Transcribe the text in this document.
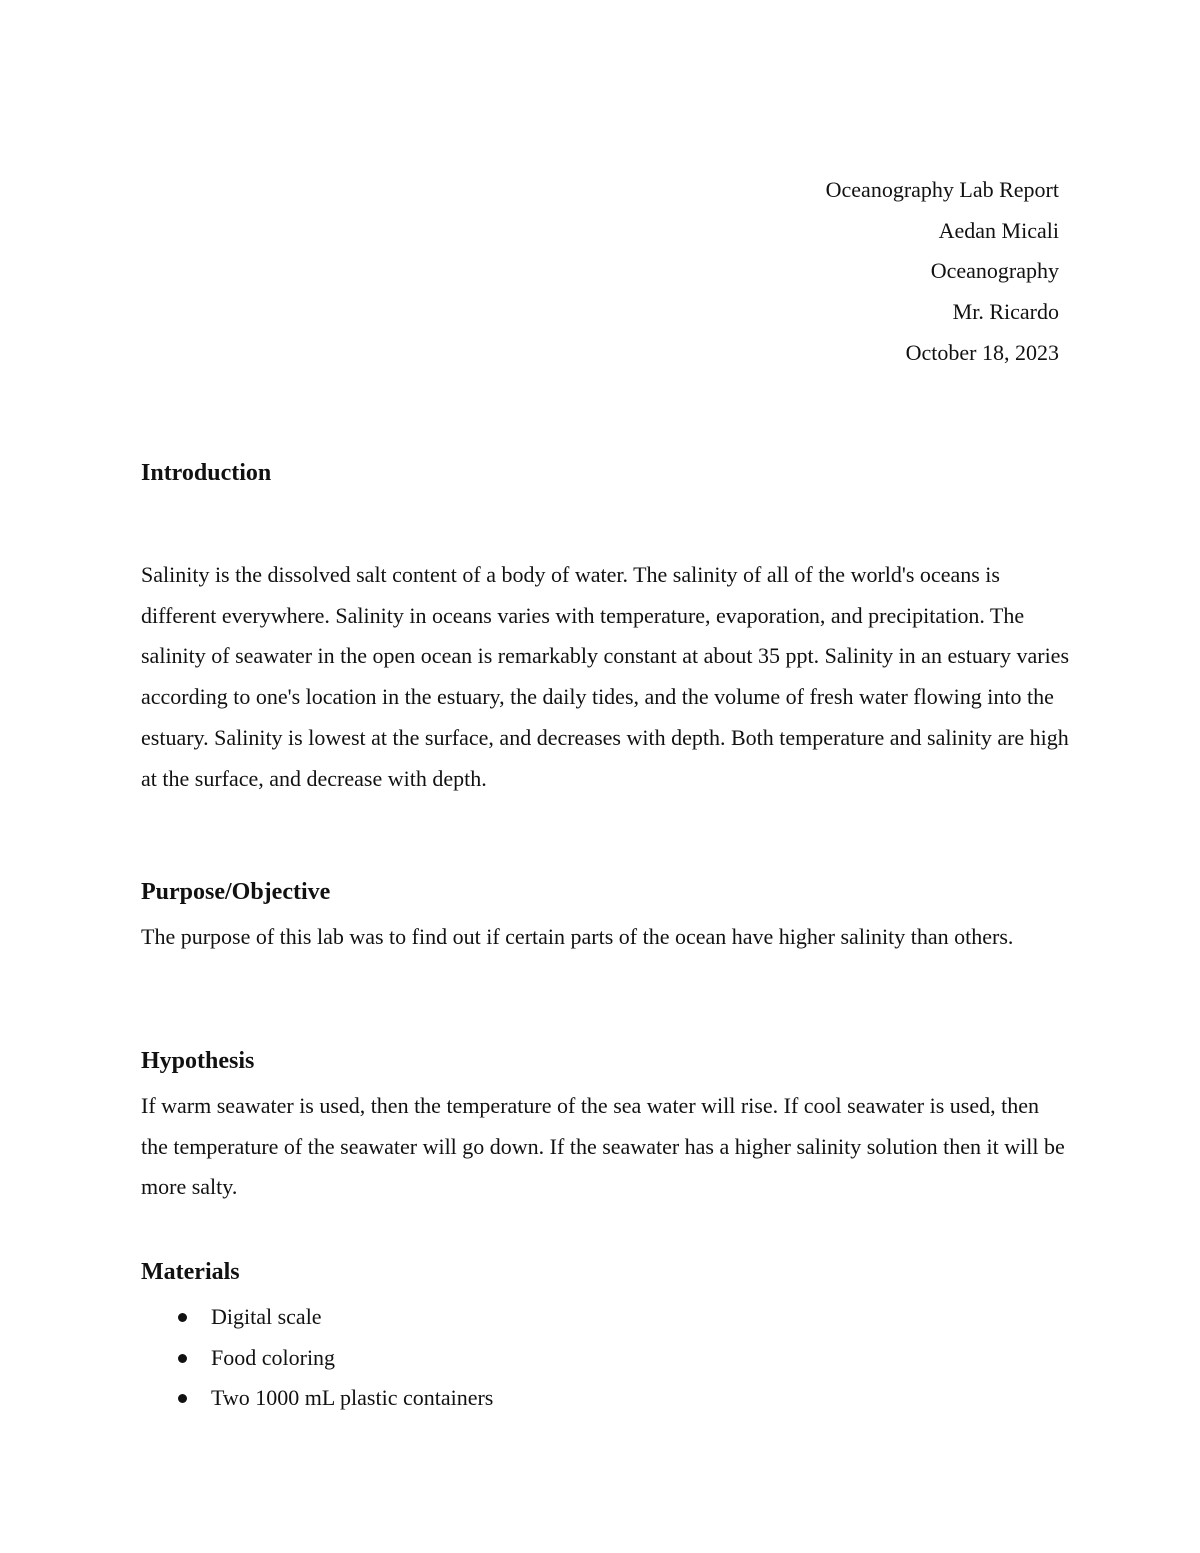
Oceanography Lab Report
Aedan Micali
Oceanography
Mr. Ricardo
October 18, 2023
Introduction

Salinity is the dissolved salt content of a body of water. The salinity of all of the world's oceans is different everywhere. Salinity in oceans varies with temperature, evaporation, and precipitation. The salinity of seawater in the open ocean is remarkably constant at about 35 ppt. Salinity in an estuary varies according to one's location in the estuary, the daily tides, and the volume of fresh water flowing into the estuary. Salinity is lowest at the surface, and decreases with depth. Both temperature and salinity are high at the surface, and decrease with depth.

Purpose/Objective

The purpose of this lab was to find out if certain parts of the ocean have higher salinity than others.

Hypothesis

If warm seawater is used, then the temperature of the sea water will rise. If cool seawater is used, then the temperature of the seawater will go down. If the seawater has a higher salinity solution then it will be more salty.

Materials
Digital scale
Food coloring
Two 1000 mL plastic containers
